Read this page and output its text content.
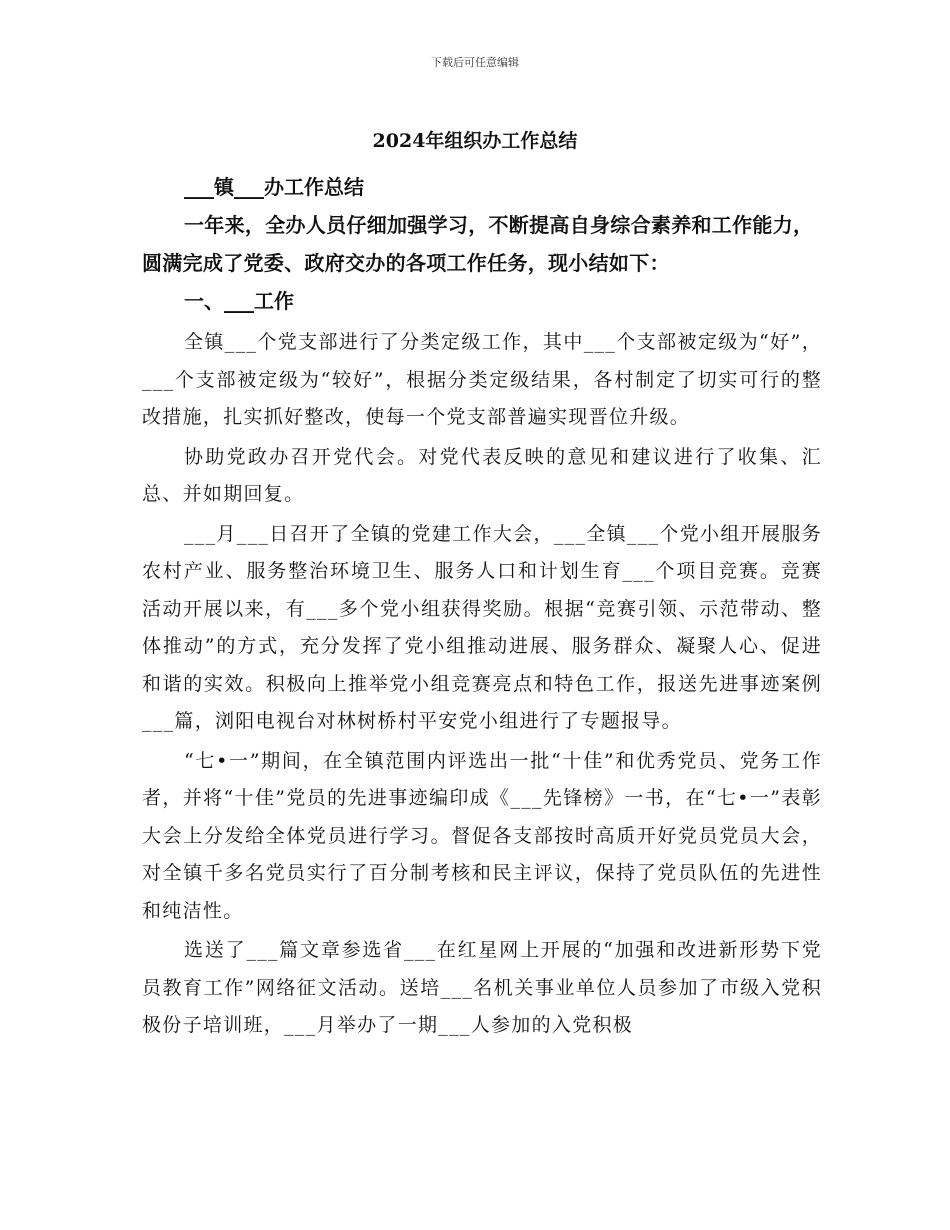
下载后可任意编辑
2024年组织办工作总结

___镇___办工作总结

一年来，全办人员仔细加强学习，不断提高自身综合素养和工作能力，圆满完成了党委、政府交办的各项工作任务，现小结如下：

一、___工作

全镇___个党支部进行了分类定级工作，其中___个支部被定级为“好”，___个支部被定级为“较好”，根据分类定级结果，各村制定了切实可行的整改措施，扎实抓好整改，使每一个党支部普遍实现晋位升级。

协助党政办召开党代会。对党代表反映的意见和建议进行了收集、汇总、并如期回复。

___月___日召开了全镇的党建工作大会，___全镇___个党小组开展服务农村产业、服务整治环境卫生、服务人口和计划生育___个项目竞赛。竞赛活动开展以来，有___多个党小组获得奖励。根据“竞赛引领、示范带动、整体推动”的方式，充分发挥了党小组推动进展、服务群众、凝聚人心、促进和谐的实效。积极向上推举党小组竞赛亮点和特色工作，报送先进事迹案例___篇，浏阳电视台对林树桥村平安党小组进行了专题报导。

“七•一”期间，在全镇范围内评选出一批“十佳”和优秀党员、党务工作者，并将“十佳”党员的先进事迹编印成《___先锋榜》一书，在“七•一”表彰大会上分发给全体党员进行学习。督促各支部按时高质开好党员党员大会，对全镇千多名党员实行了百分制考核和民主评议，保持了党员队伍的先进性和纯洁性。

选送了___篇文章参选省___在红星网上开展的“加强和改进新形势下党员教育工作”网络征文活动。送培___名机关事业单位人员参加了市级入党积极份子培训班，___月举办了一期___人参加的入党积极
